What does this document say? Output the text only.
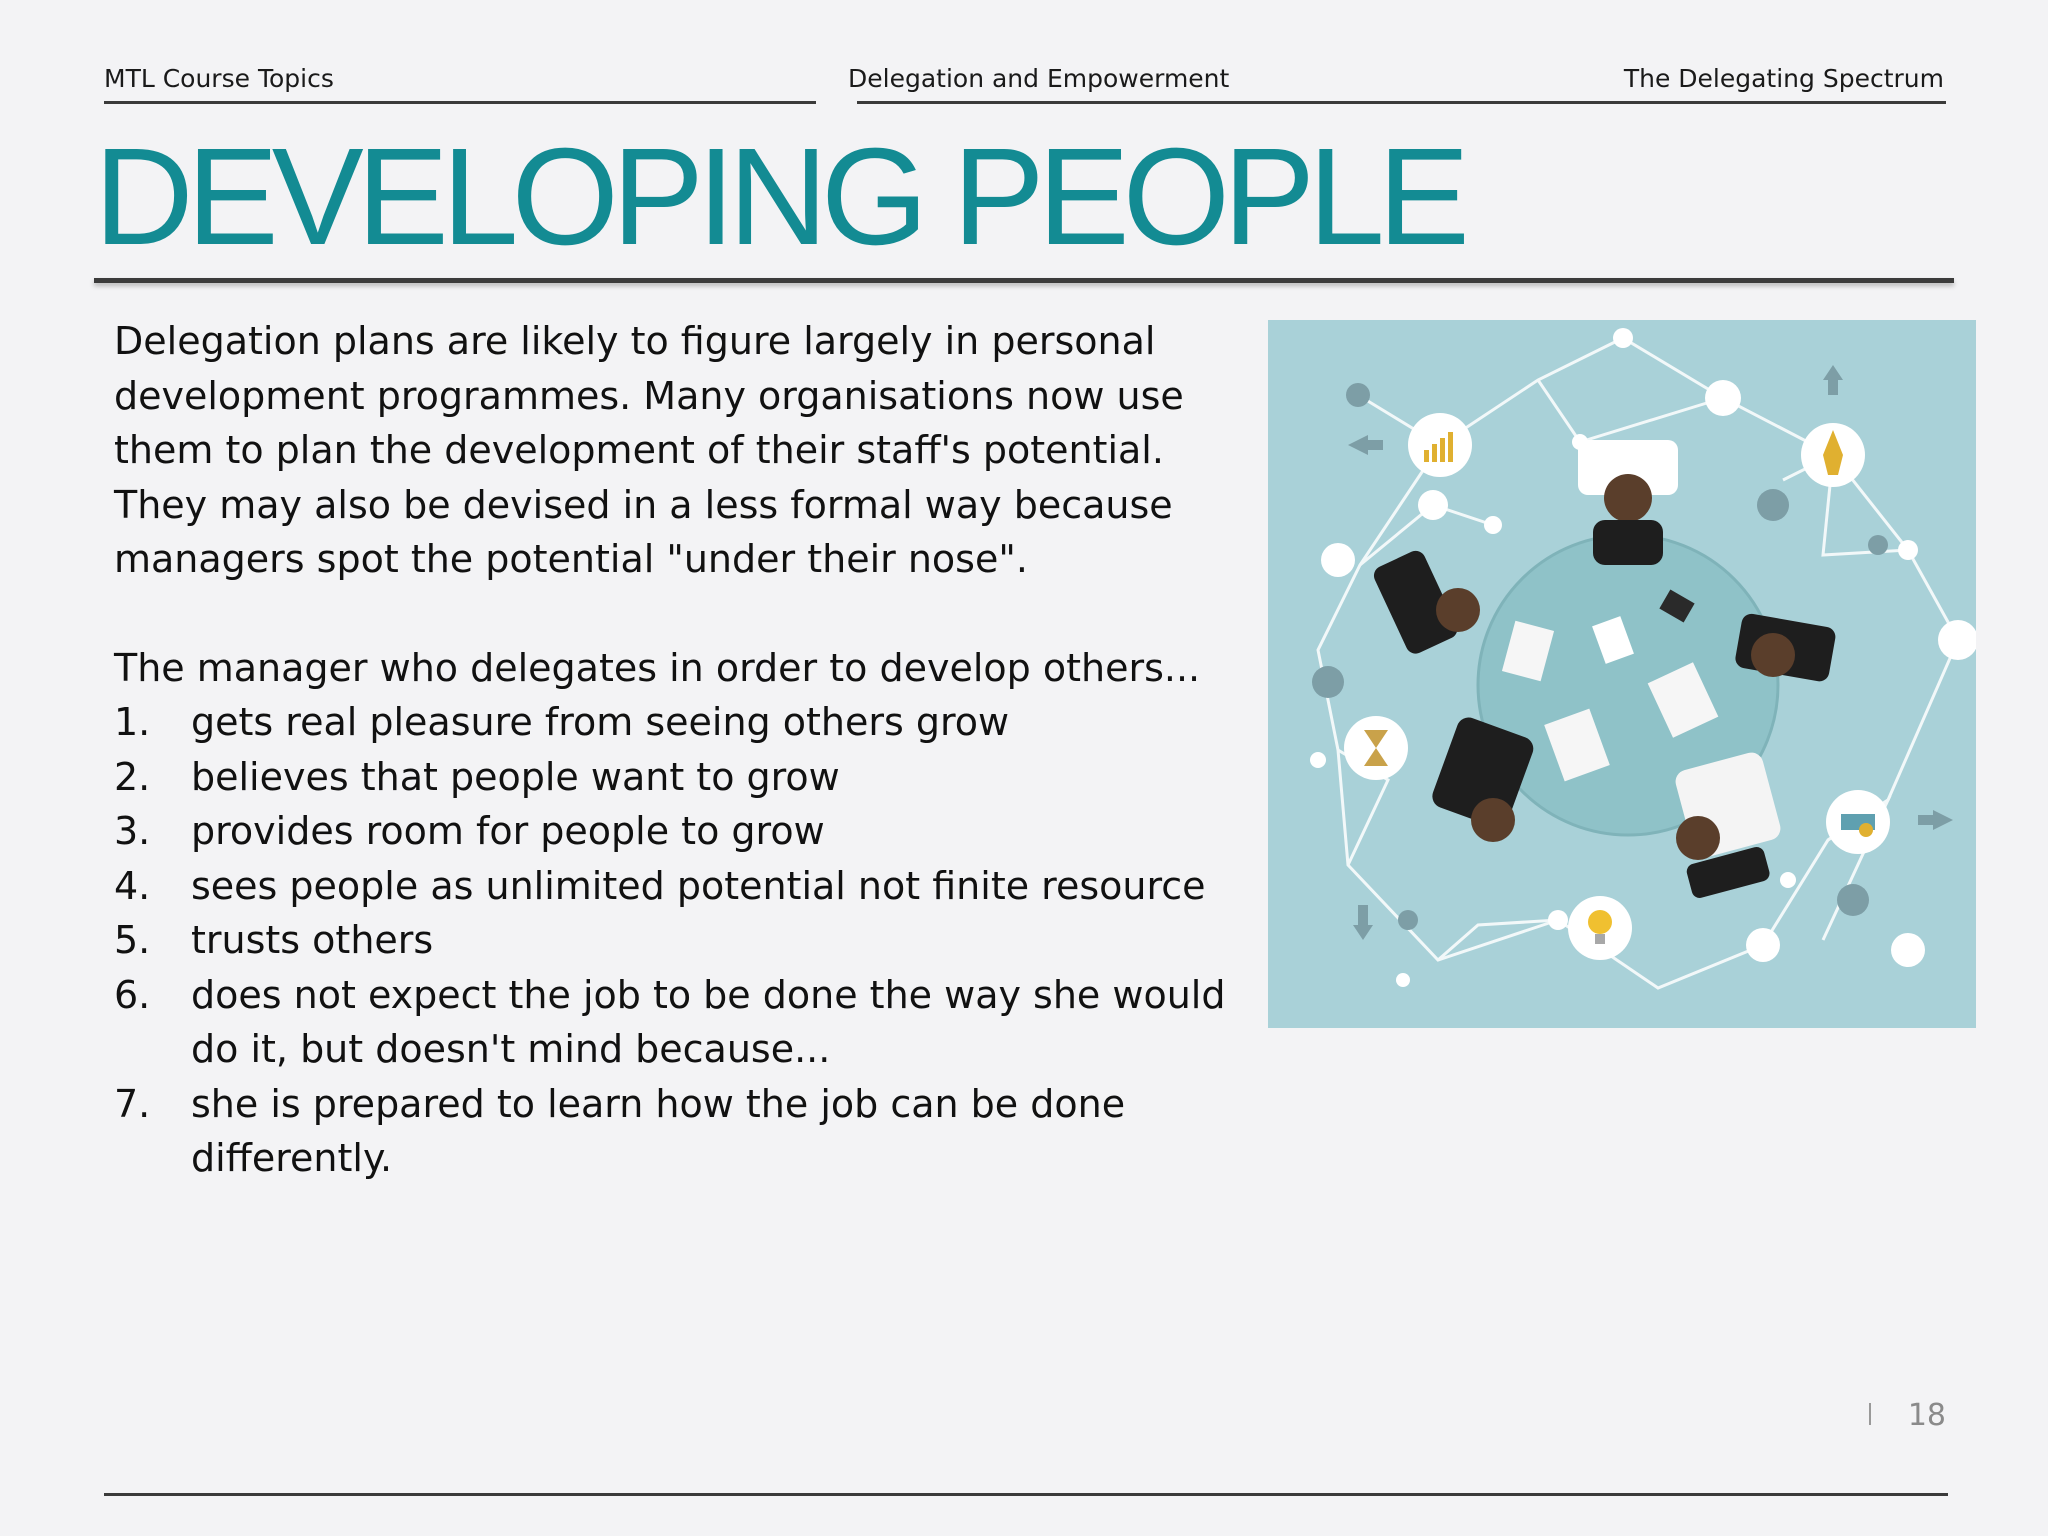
MTL Course Topics	Delegation and Empowerment	The Delegating Spectrum
DEVELOPING PEOPLE

Delegation plans are likely to figure largely in personal development programmes. Many organisations now use them to plan the development of their staff's potential. They may also be devised in a less formal way because managers spot the potential "under their nose".

The manager who delegates in order to develop others...

1.	gets real pleasure from seeing others grow
2.	believes that people want to grow
3.	provides room for people to grow
4.	sees people as unlimited potential not finite resource
5.	trusts others
6.	does not expect the job to be done the way she would do it, but doesn't mind because...
7.	she is prepared to learn how the job can be done differently.
18
